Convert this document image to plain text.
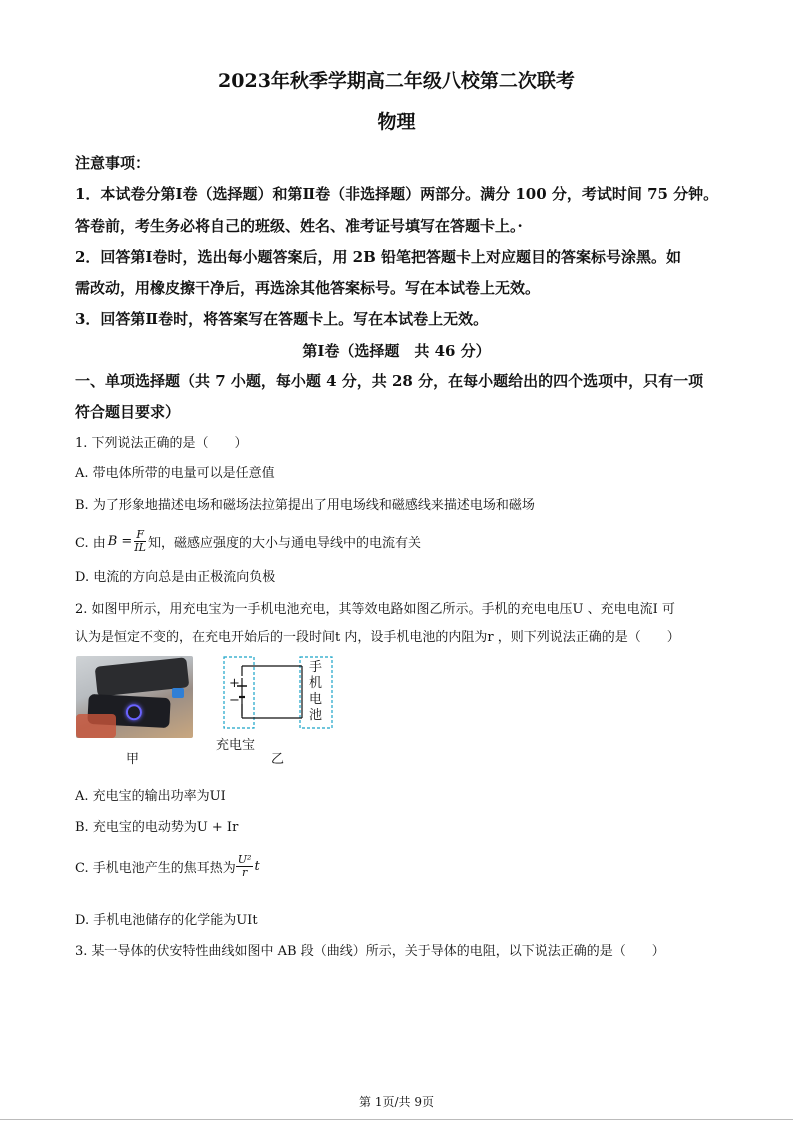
2023年秋季学期高二年级八校第二次联考
物理
注意事项：
1．本试卷分第Ⅰ卷（选择题）和第Ⅱ卷（非选择题）两部分。满分 100 分，考试时间 75 分钟。
答卷前，考生务必将自己的班级、姓名、准考证号填写在答题卡上。·
2．回答第Ⅰ卷时，选出每小题答案后，用 2B 铅笔把答题卡上对应题目的答案标号涂黑。如
需改动，用橡皮擦干净后，再选涂其他答案标号。写在本试卷上无效。
3．回答第Ⅱ卷时，将答案写在答题卡上。写在本试卷上无效。
第Ⅰ卷（选择题　共 46 分）
一、单项选择题（共 7 小题，每小题 4 分，共 28 分，在每小题给出的四个选项中，只有一项
符合题目要求）
1. 下列说法正确的是（　　）
A. 带电体所带的电量可以是任意值
B. 为了形象地描述电场和磁场法拉第提出了用电场线和磁感线来描述电场和磁场
C. 由 $B = \frac{F}{IL}$ 知，磁感应强度的大小与通电导线中的电流有关
D. 电流的方向总是由正极流向负极
2. 如图甲所示，用充电宝为一手机电池充电，其等效电路如图乙所示。手机的充电电压U 、充电电流I 可
认为是恒定不变的，在充电开始后的一段时间t 内，设手机电池的内阻为r ，则下列说法正确的是（　　）
甲
+
−
手
机
电
池
充电宝
乙
A. 充电宝的输出功率为UI
B. 充电宝的电动势为U + Ir
C. 手机电池产生的焦耳热为 $\frac{\text{U²}}{r}$ t
D. 手机电池储存的化学能为UIt
3. 某一导体的伏安特性曲线如图中 AB 段（曲线）所示，关于导体的电阻，以下说法正确的是（　　）
第 1页/共 9页
